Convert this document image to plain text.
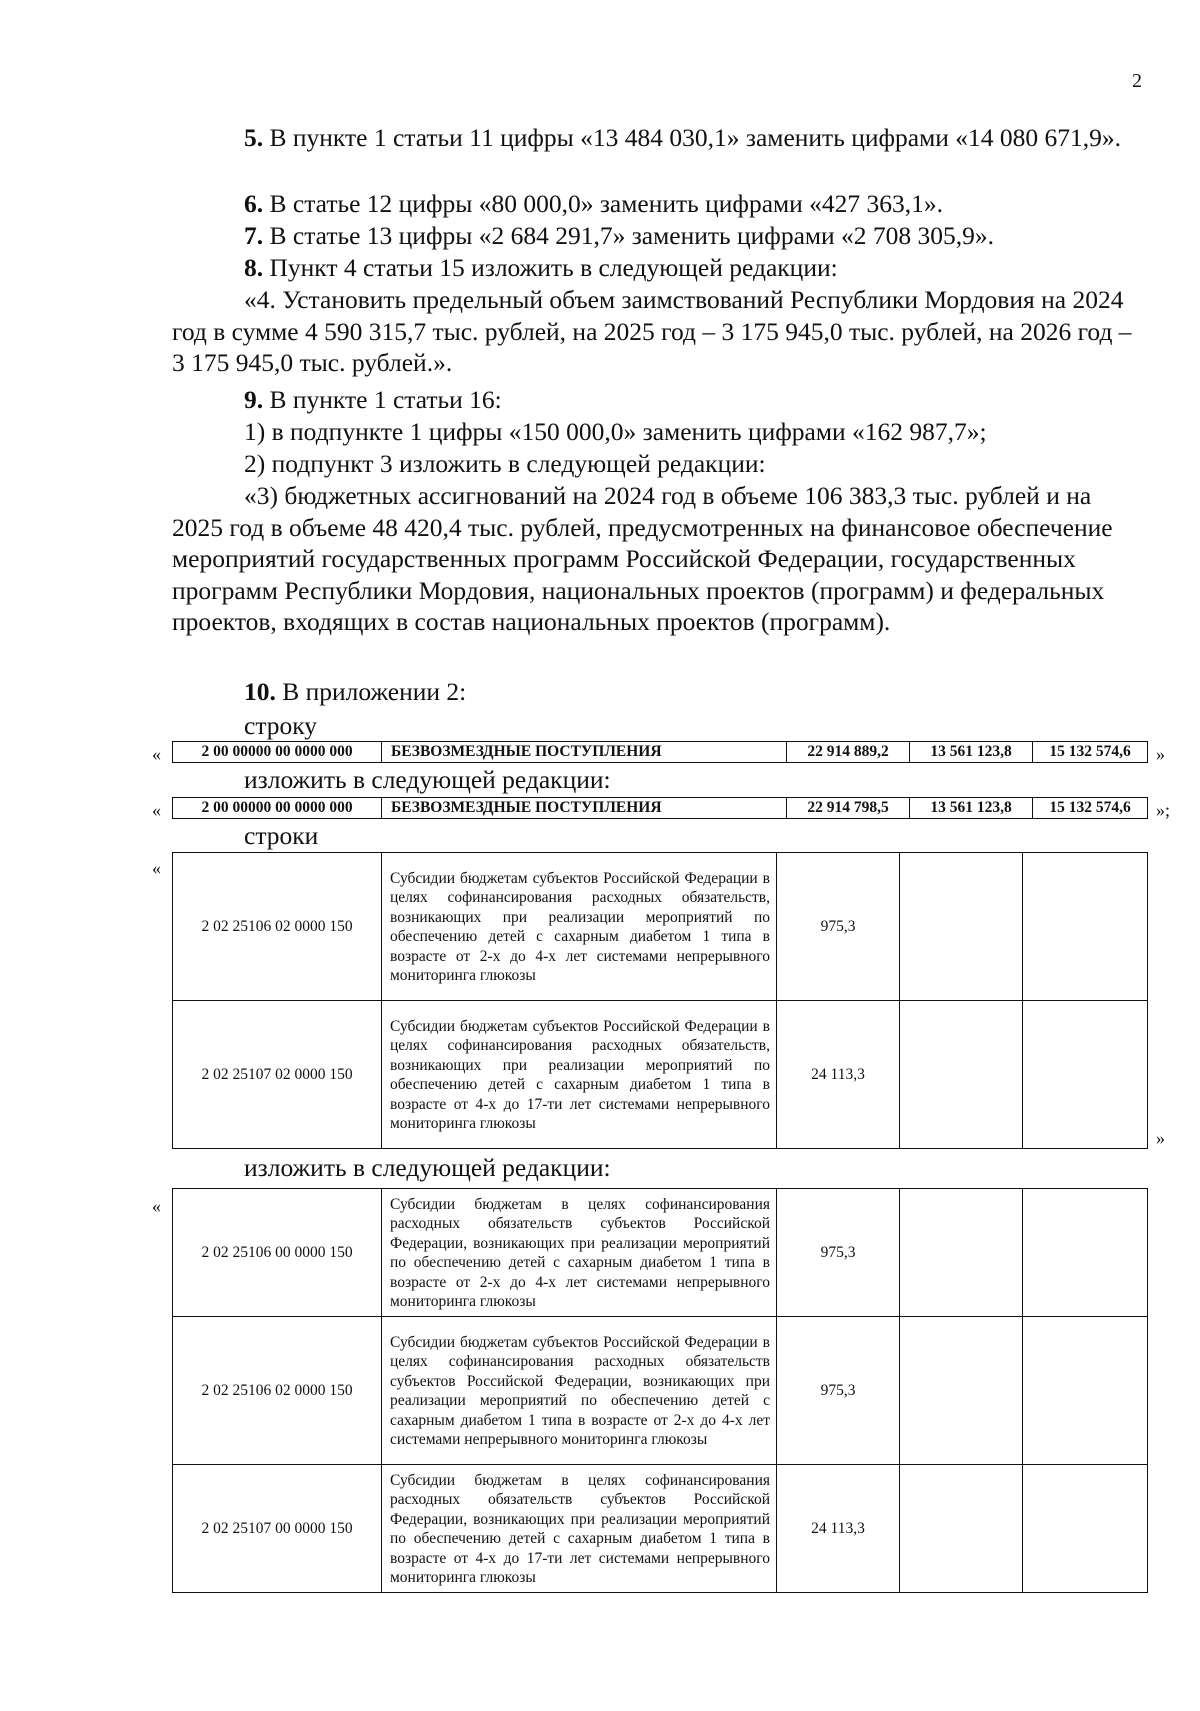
2
5. В пункте 1 статьи 11 цифры «13 484 030,1» заменить цифрами «14 080 671,9».
6. В статье 12 цифры «80 000,0» заменить цифрами «427 363,1».
7. В статье 13 цифры «2 684 291,7» заменить цифрами «2 708 305,9».
8. Пункт 4 статьи 15 изложить в следующей редакции:
«4. Установить предельный объем заимствований Республики Мордовия на 2024 год в сумме 4 590 315,7 тыс. рублей, на 2025 год – 3 175 945,0 тыс. рублей, на 2026 год – 3 175 945,0 тыс. рублей.».
9. В пункте 1 статьи 16:
1) в подпункте 1 цифры «150 000,0» заменить цифрами «162 987,7»;
2) подпункт 3 изложить в следующей редакции:
«3) бюджетных ассигнований на 2024 год в объеме 106 383,3 тыс. рублей и на 2025 год в объеме 48 420,4 тыс. рублей, предусмотренных на финансовое обеспечение мероприятий государственных программ Российской Федерации, государственных программ Республики Мордовия, национальных проектов (программ) и федеральных проектов, входящих в состав национальных проектов (программ).
10. В приложении 2:
строку
«	2 00 00000 00 0000 000	БЕЗВОЗМЕЗДНЫЕ ПОСТУПЛЕНИЯ	22 914 889,2	13 561 123,8	15 132 574,6 »
изложить в следующей редакции:
«	2 00 00000 00 0000 000	БЕЗВОЗМЕЗДНЫЕ ПОСТУПЛЕНИЯ	22 914 798,5	13 561 123,8	15 132 574,6 »;
строки
«
2 02 25106 02 0000 150	Субсидии бюджетам субъектов Российской Федерации в целях софинансирования расходных обязательств, возникающих при реализации мероприятий по обеспечению детей с сахарным диабетом 1 типа в возрасте от 2-х до 4-х лет системами непрерывного мониторинга глюкозы	975,3		
2 02 25107 02 0000 150	Субсидии бюджетам субъектов Российской Федерации в целях софинансирования расходных обязательств, возникающих при реализации мероприятий по обеспечению детей с сахарным диабетом 1 типа в возрасте от 4-х до 17-ти лет системами непрерывного мониторинга глюкозы	24 113,3		
»
изложить в следующей редакции:
«
2 02 25106 00 0000 150	Субсидии бюджетам в целях софинансирования расходных обязательств субъектов Российской Федерации, возникающих при реализации мероприятий по обеспечению детей с сахарным диабетом 1 типа в возрасте от 2-х до 4-х лет системами непрерывного мониторинга глюкозы	975,3		
2 02 25106 02 0000 150	Субсидии бюджетам субъектов Российской Федерации в целях софинансирования расходных обязательств субъектов Российской Федерации, возникающих при реализации мероприятий по обеспечению детей с сахарным диабетом 1 типа в возрасте от 2-х до 4-х лет системами непрерывного мониторинга глюкозы	975,3		
2 02 25107 00 0000 150	Субсидии бюджетам в целях софинансирования расходных обязательств субъектов Российской Федерации, возникающих при реализации мероприятий по обеспечению детей с сахарным диабетом 1 типа в возрасте от 4-х до 17-ти лет системами непрерывного мониторинга глюкозы	24 113,3		
